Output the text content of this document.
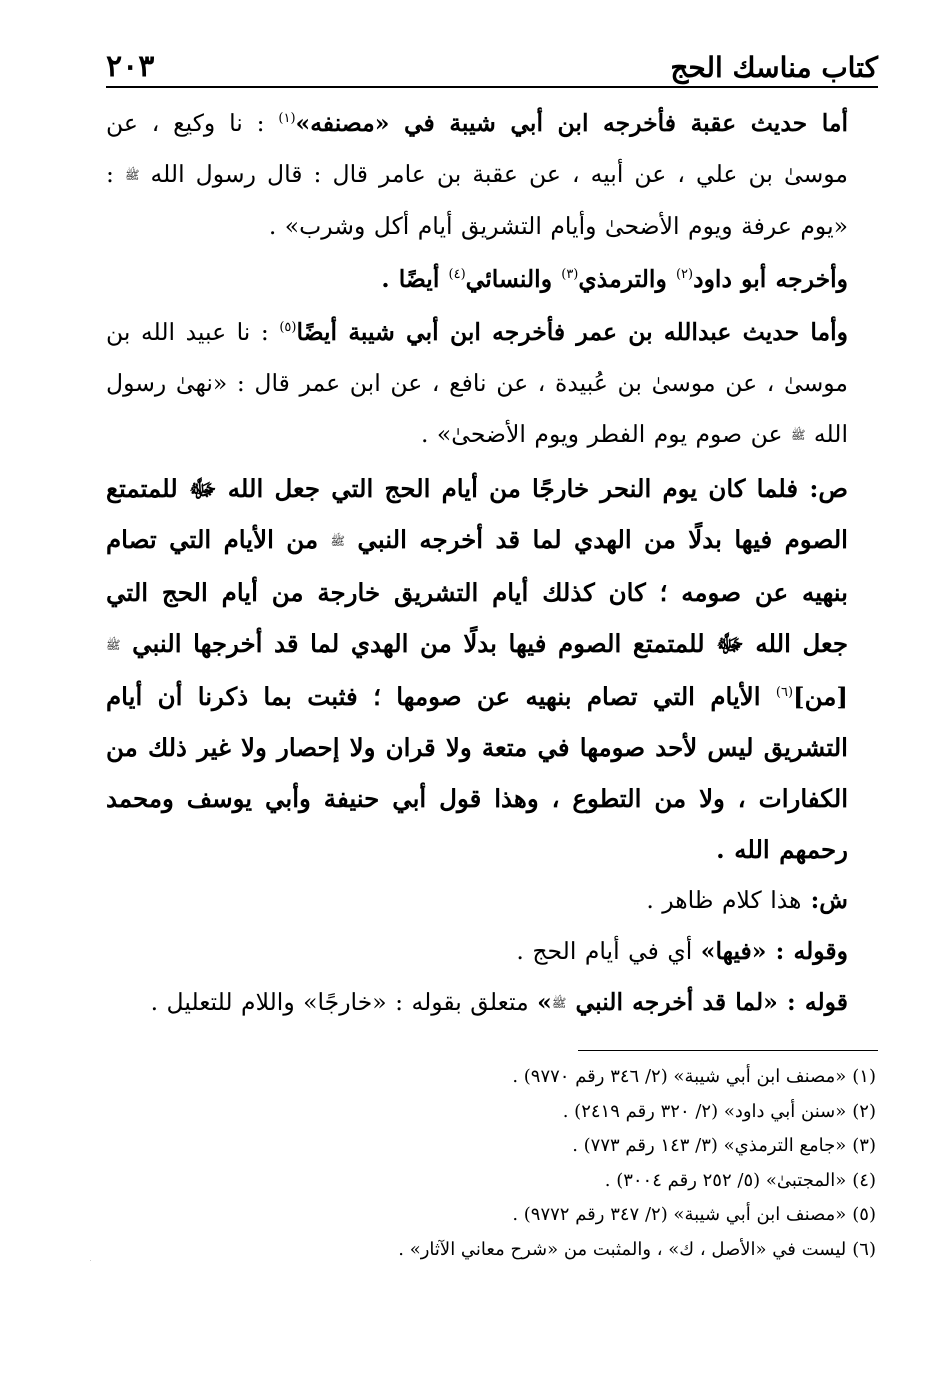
كتاب مناسك الحج
٢٠٣

أما حديث عقبة فأخرجه ابن أبي شيبة في «مصنفه»$^{(١)}$ : نا وكيع ، عن موسىٰ بن علي ، عن أبيه ، عن عقبة بن عامر قال : قال رسول الله ﷺ : «يوم عرفة ويوم الأضحىٰ وأيام التشريق أيام أكل وشرب» .

وأخرجه أبو داود$^{(٢)}$ والترمذي$^{(٣)}$ والنسائي$^{(٤)}$ أيضًا .

وأما حديث عبدالله بن عمر فأخرجه ابن أبي شيبة أيضًا$^{(٥)}$ : نا عبيد الله بن موسىٰ ، عن موسىٰ بن عُبيدة ، عن نافع ، عن ابن عمر قال : «نهىٰ رسول الله ﷺ عن صوم يوم الفطر ويوم الأضحىٰ» .

ص: فلما كان يوم النحر خارجًا من أيام الحج التي جعل الله ﷻ للمتمتع الصوم فيها بدلًا من الهدي لما قد أخرجه النبي ﷺ من الأيام التي تصام بنهيه عن صومه ؛ كان كذلك أيام التشريق خارجة من أيام الحج التي جعل الله ﷻ للمتمتع الصوم فيها بدلًا من الهدي لما قد أخرجها النبي ﷺ [من]$^{(٦)}$ الأيام التي تصام بنهيه عن صومها ؛ فثبت بما ذكرنا أن أيام التشريق ليس لأحد صومها في متعة ولا قران ولا إحصار ولا غير ذلك من الكفارات ، ولا من التطوع ، وهذا قول أبي حنيفة وأبي يوسف ومحمد رحمهم الله .

ش: هذا كلام ظاهر .

وقوله : «فيها» أي في أيام الحج .

قوله : «لما قد أخرجه النبي ﷺ» متعلق بقوله : «خارجًا» واللام للتعليل .

(١)«مصنف ابن أبي شيبة» (٢/ ٣٤٦ رقم ٩٧٧٠) .

(٢)«سنن أبي داود» (٢/ ٣٢٠ رقم ٢٤١٩) .

(٣)«جامع الترمذي» (٣/ ١٤٣ رقم ٧٧٣) .

(٤)«المجتبىٰ» (٥/ ٢٥٢ رقم ٣٠٠٤) .

(٥)«مصنف ابن أبي شيبة» (٢/ ٣٤٧ رقم ٩٧٧٢) .

(٦)ليست في «الأصل ، ك» ، والمثبت من «شرح معاني الآثار» .
